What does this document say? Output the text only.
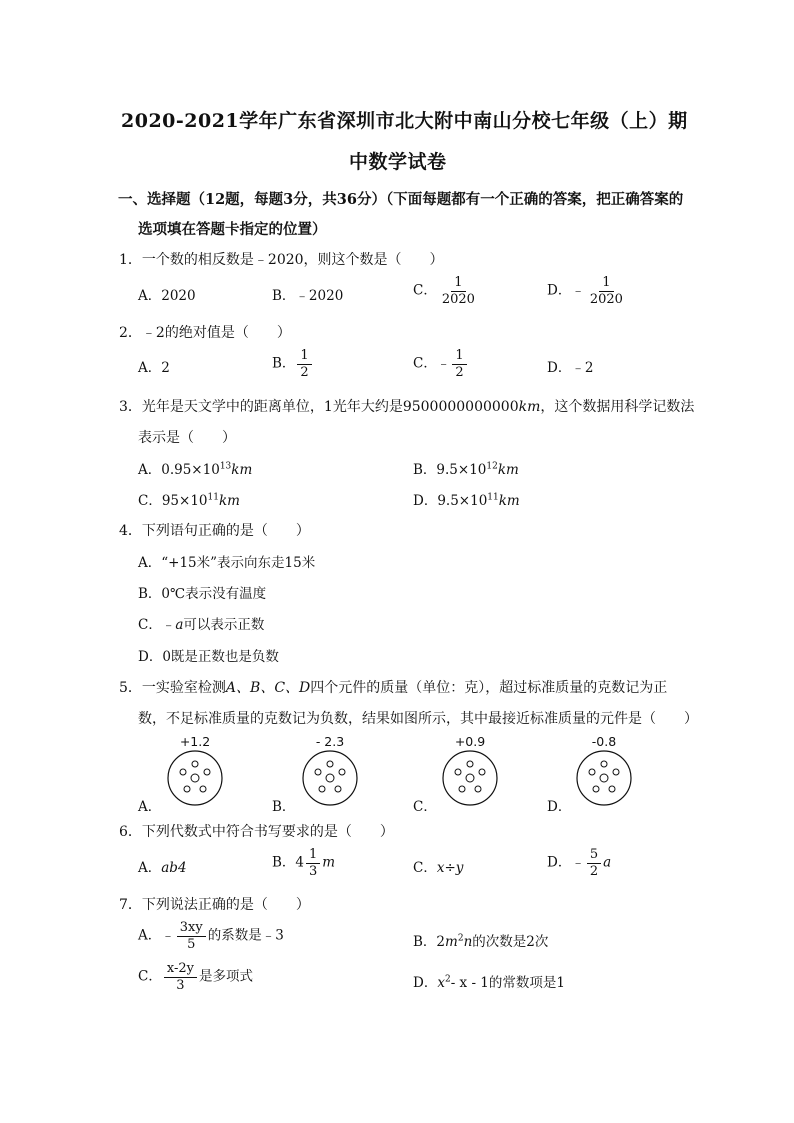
2020-2021学年广东省深圳市北大附中南山分校七年级（上）期
中数学试卷
一、选择题（12题，每题3分，共36分）（下面每题都有一个正确的答案，把正确答案的
选项填在答题卡指定的位置）
1．一个数的相反数是﹣2020，则这个数是（　　）
A．2020	B．﹣2020	C． $\frac{1}{2020}$	D．﹣ $\frac{1}{2020}$
2．﹣2的绝对值是（　　）
A．2	B． $\frac{1}{2}$	C．﹣ $\frac{1}{2}$	D．﹣2
3．光年是天文学中的距离单位，1光年大约是9500000000000km，这个数据用科学记数法
表示是（　　）
A．$0.95\times 10^{13}km$	B．$9.5\times 10^{12}km$
C．$95\times 10^{11}km$	D．$9.5\times 10^{11}km$
4．下列语句正确的是（　　）
A．“+15米”表示向东走15米
B．0℃表示没有温度
C．﹣a可以表示正数
D．0既是正数也是负数
5．一实验室检测A、B、C、D四个元件的质量（单位：克），超过标准质量的克数记为正
数，不足标准质量的克数记为负数，结果如图所示，其中最接近标准质量的元件是（　　）
+1.2
A．
- 2.3
B．
+0.9
C．
-0.8
D．
6．下列代数式中符合书写要求的是（　　）
A．ab4	B．$4 \frac{1}{3}$ m	C．x÷y	D．﹣ $\frac{5}{2}$ a
7．下列说法正确的是（　　）
A．﹣ $\frac{3xy}{5}$ 的系数是﹣3	B．$2m^2n$的次数是2次
C． $\frac{x-2y}{3}$ 是多项式	D．$x^2-$ x - 1的常数项是1
